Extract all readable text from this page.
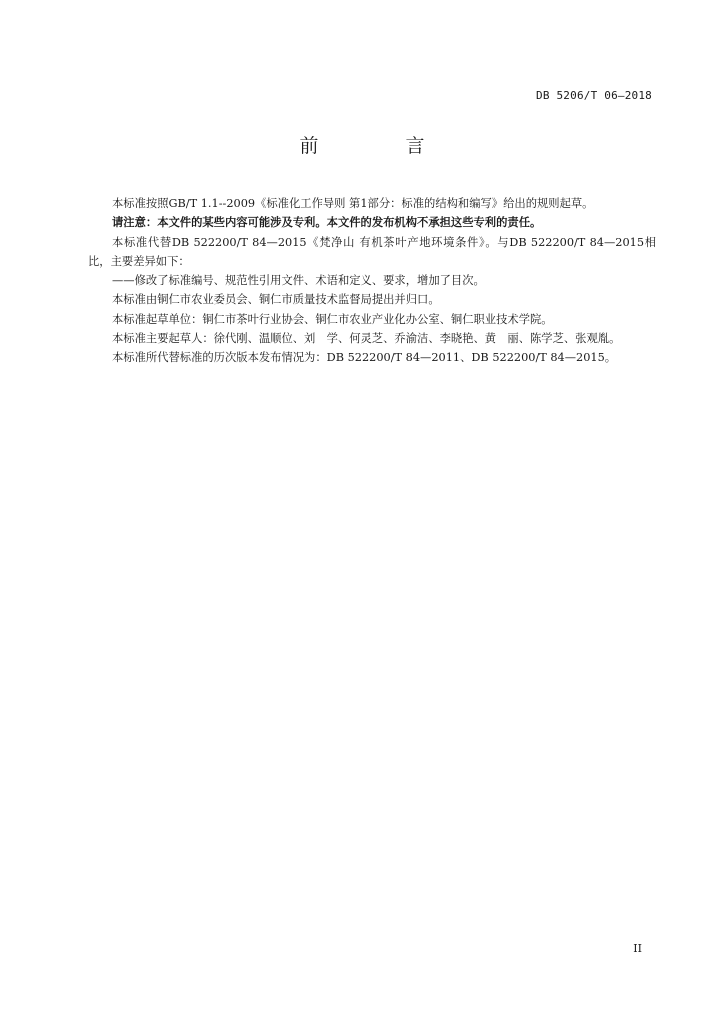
DB 5206/T 06—2018
前　言

本标准按照GB/T 1.1--2009《标准化工作导则 第1部分：标准的结构和编写》给出的规则起草。

请注意：本文件的某些内容可能涉及专利。本文件的发布机构不承担这些专利的责任。

本标准代替DB 522200/T 84—2015《梵净山 有机茶叶产地环境条件》。与DB 522200/T 84—2015相比，主要差异如下：

——修改了标准编号、规范性引用文件、术语和定义、要求，增加了目次。

本标准由铜仁市农业委员会、铜仁市质量技术监督局提出并归口。

本标准起草单位：铜仁市茶叶行业协会、铜仁市农业产业化办公室、铜仁职业技术学院。

本标准主要起草人：徐代刚、温顺位、刘　学、何灵芝、乔渝洁、李晓艳、黄　丽、陈学芝、张观胤。

本标准所代替标准的历次版本发布情况为：DB 522200/T 84—2011、DB 522200/T 84—2015。

II
